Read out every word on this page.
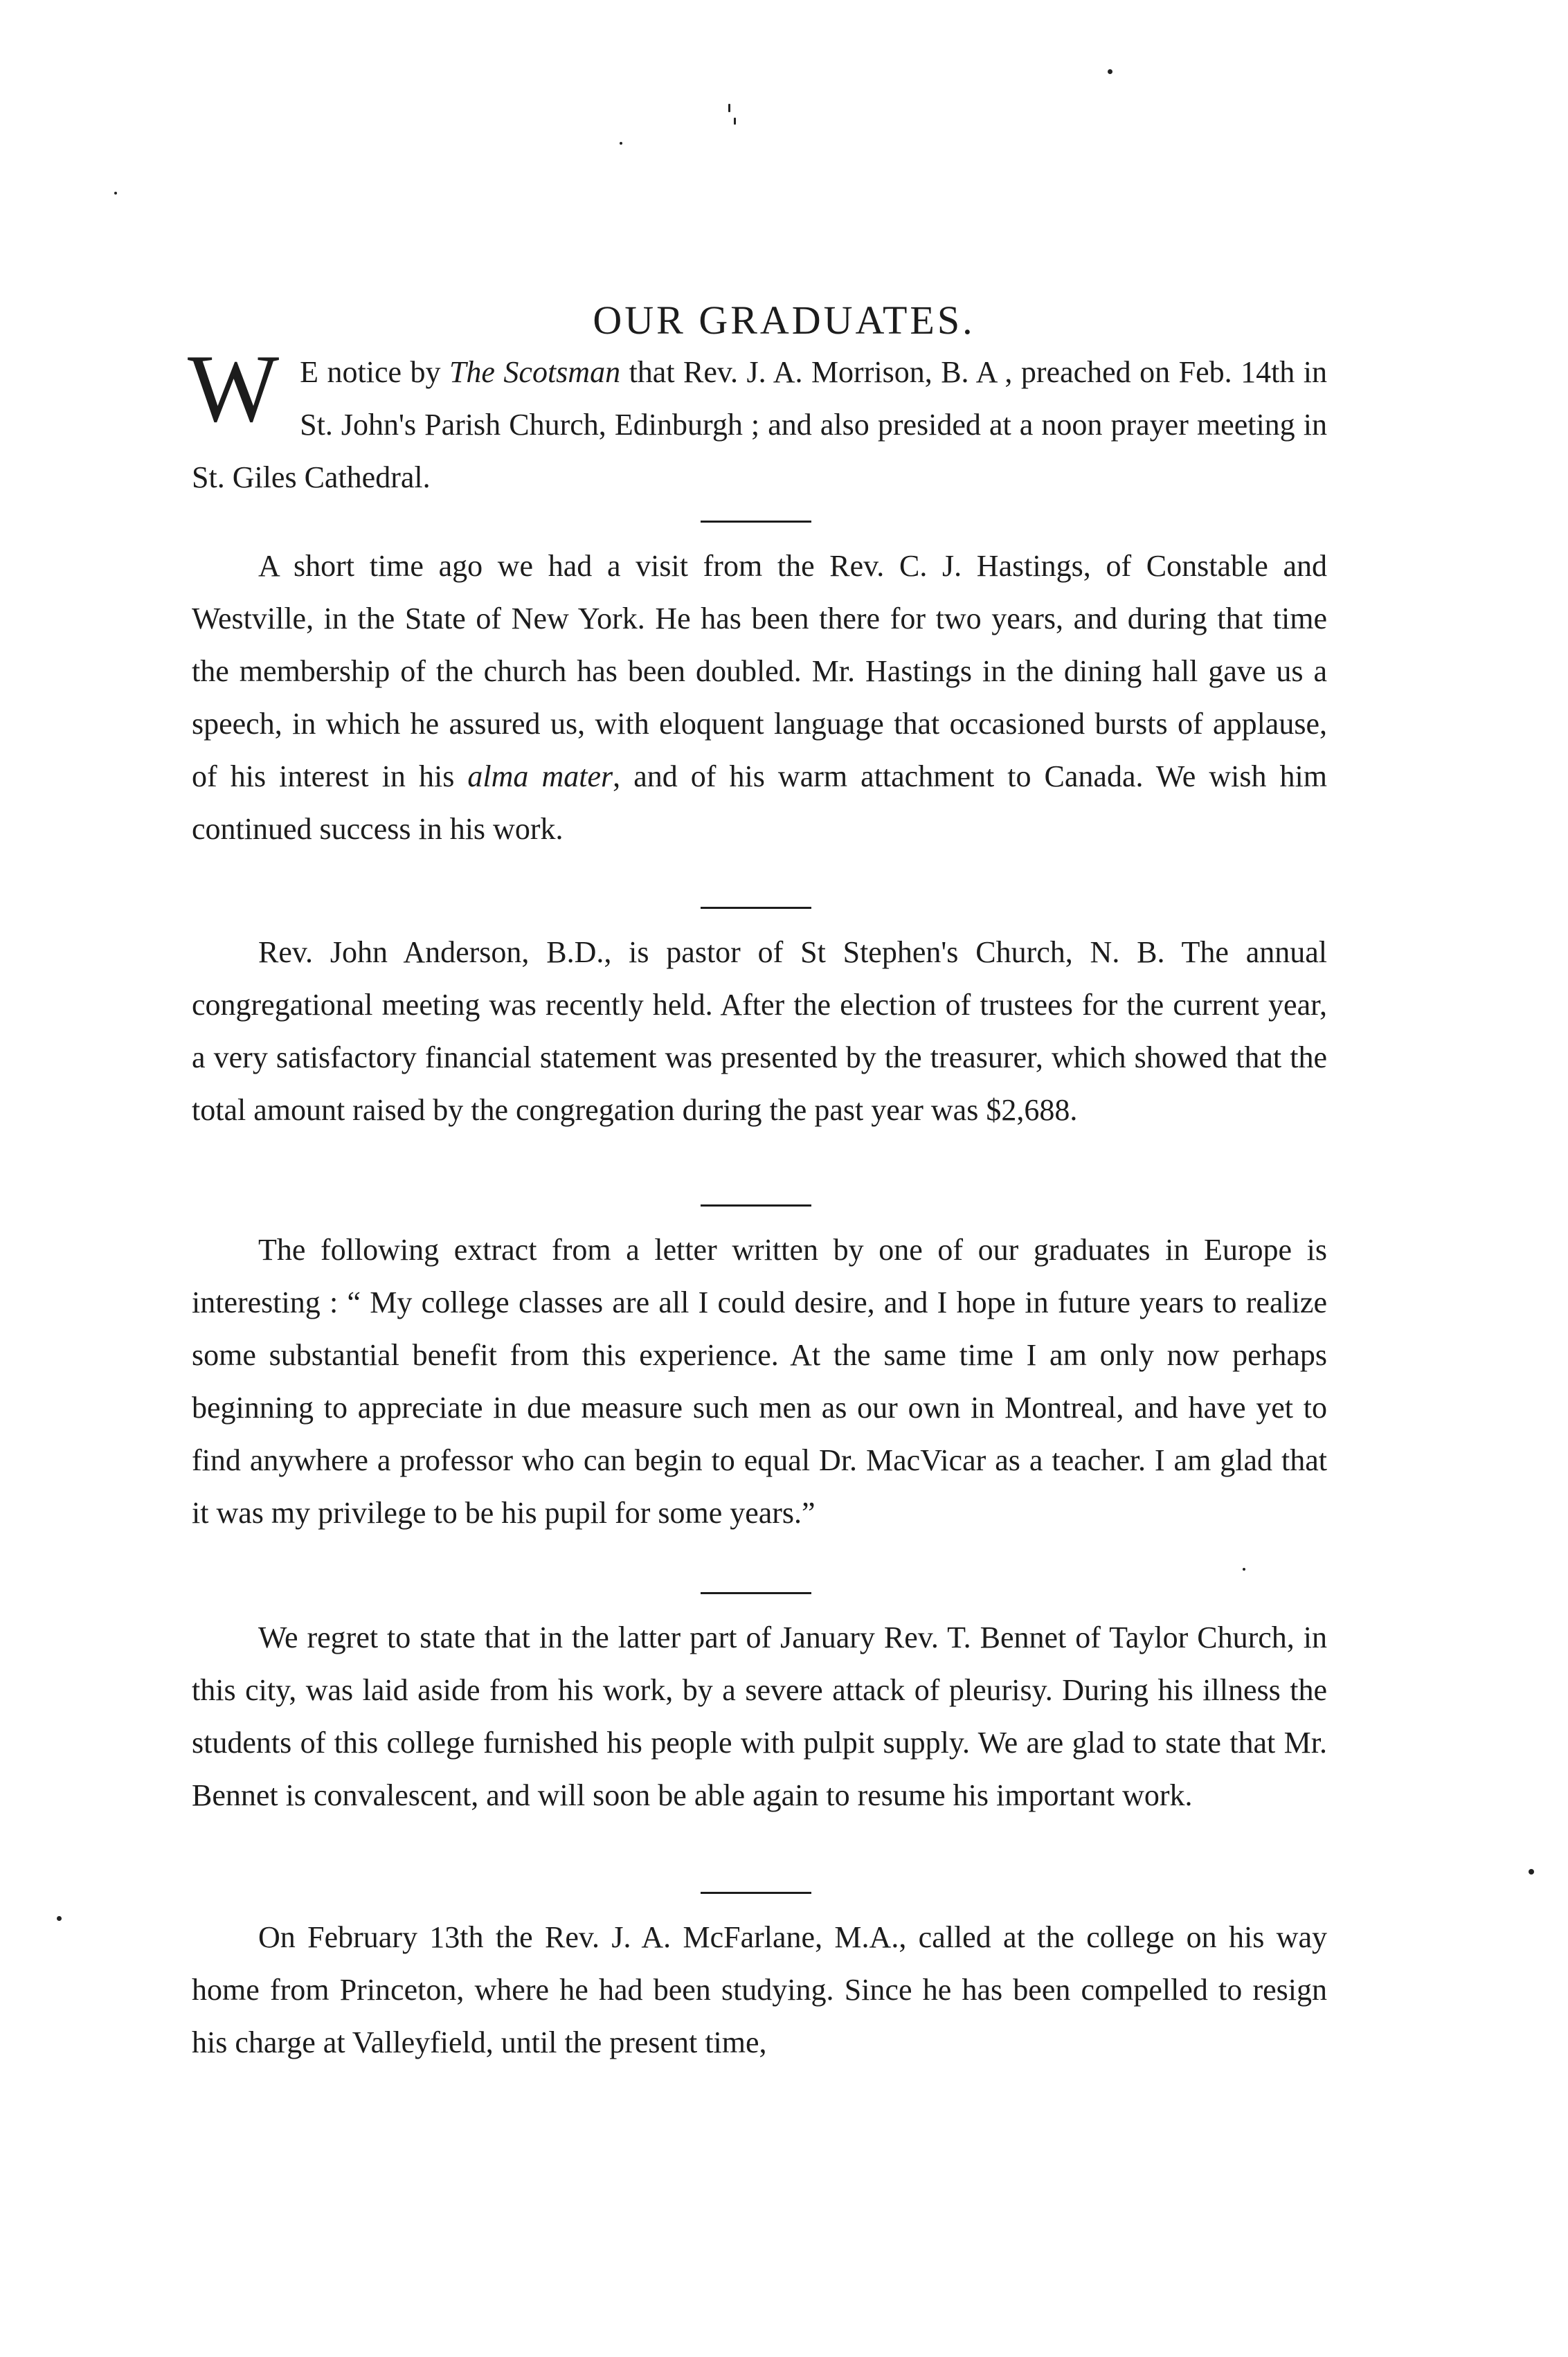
OUR GRADUATES.
W E notice by The Scotsman that Rev. J. A. Morrison, B. A , preached on Feb. 14th in St. John's Parish Church, Edinburgh ; and also presided at a noon prayer meeting in St. Giles Cathedral.
A short time ago we had a visit from the Rev. C. J. Hastings, of Constable and Westville, in the State of New York. He has been there for two years, and during that time the membership of the church has been doubled. Mr. Hastings in the dining hall gave us a speech, in which he assured us, with eloquent language that occasioned bursts of applause, of his interest in his alma mater, and of his warm attachment to Canada. We wish him continued success in his work.
Rev. John Anderson, B.D., is pastor of St Stephen's Church, N. B. The annual congregational meeting was recently held. After the election of trustees for the current year, a very satisfactory financial statement was presented by the treasurer, which showed that the total amount raised by the congregation during the past year was $2,688.
The following extract from a letter written by one of our graduates in Europe is interesting : “ My college classes are all I could desire, and I hope in future years to realize some substantial benefit from this experience. At the same time I am only now perhaps beginning to appreciate in due measure such men as our own in Montreal, and have yet to find anywhere a professor who can begin to equal Dr. MacVicar as a teacher. I am glad that it was my privilege to be his pupil for some years.”
We regret to state that in the latter part of January Rev. T. Bennet of Taylor Church, in this city, was laid aside from his work, by a severe attack of pleurisy. During his illness the students of this college furnished his people with pulpit supply. We are glad to state that Mr. Bennet is convalescent, and will soon be able again to resume his important work.
On February 13th the Rev. J. A. McFarlane, M.A., called at the college on his way home from Princeton, where he had been studying. Since he has been compelled to resign his charge at Valleyfield, until the present time,
